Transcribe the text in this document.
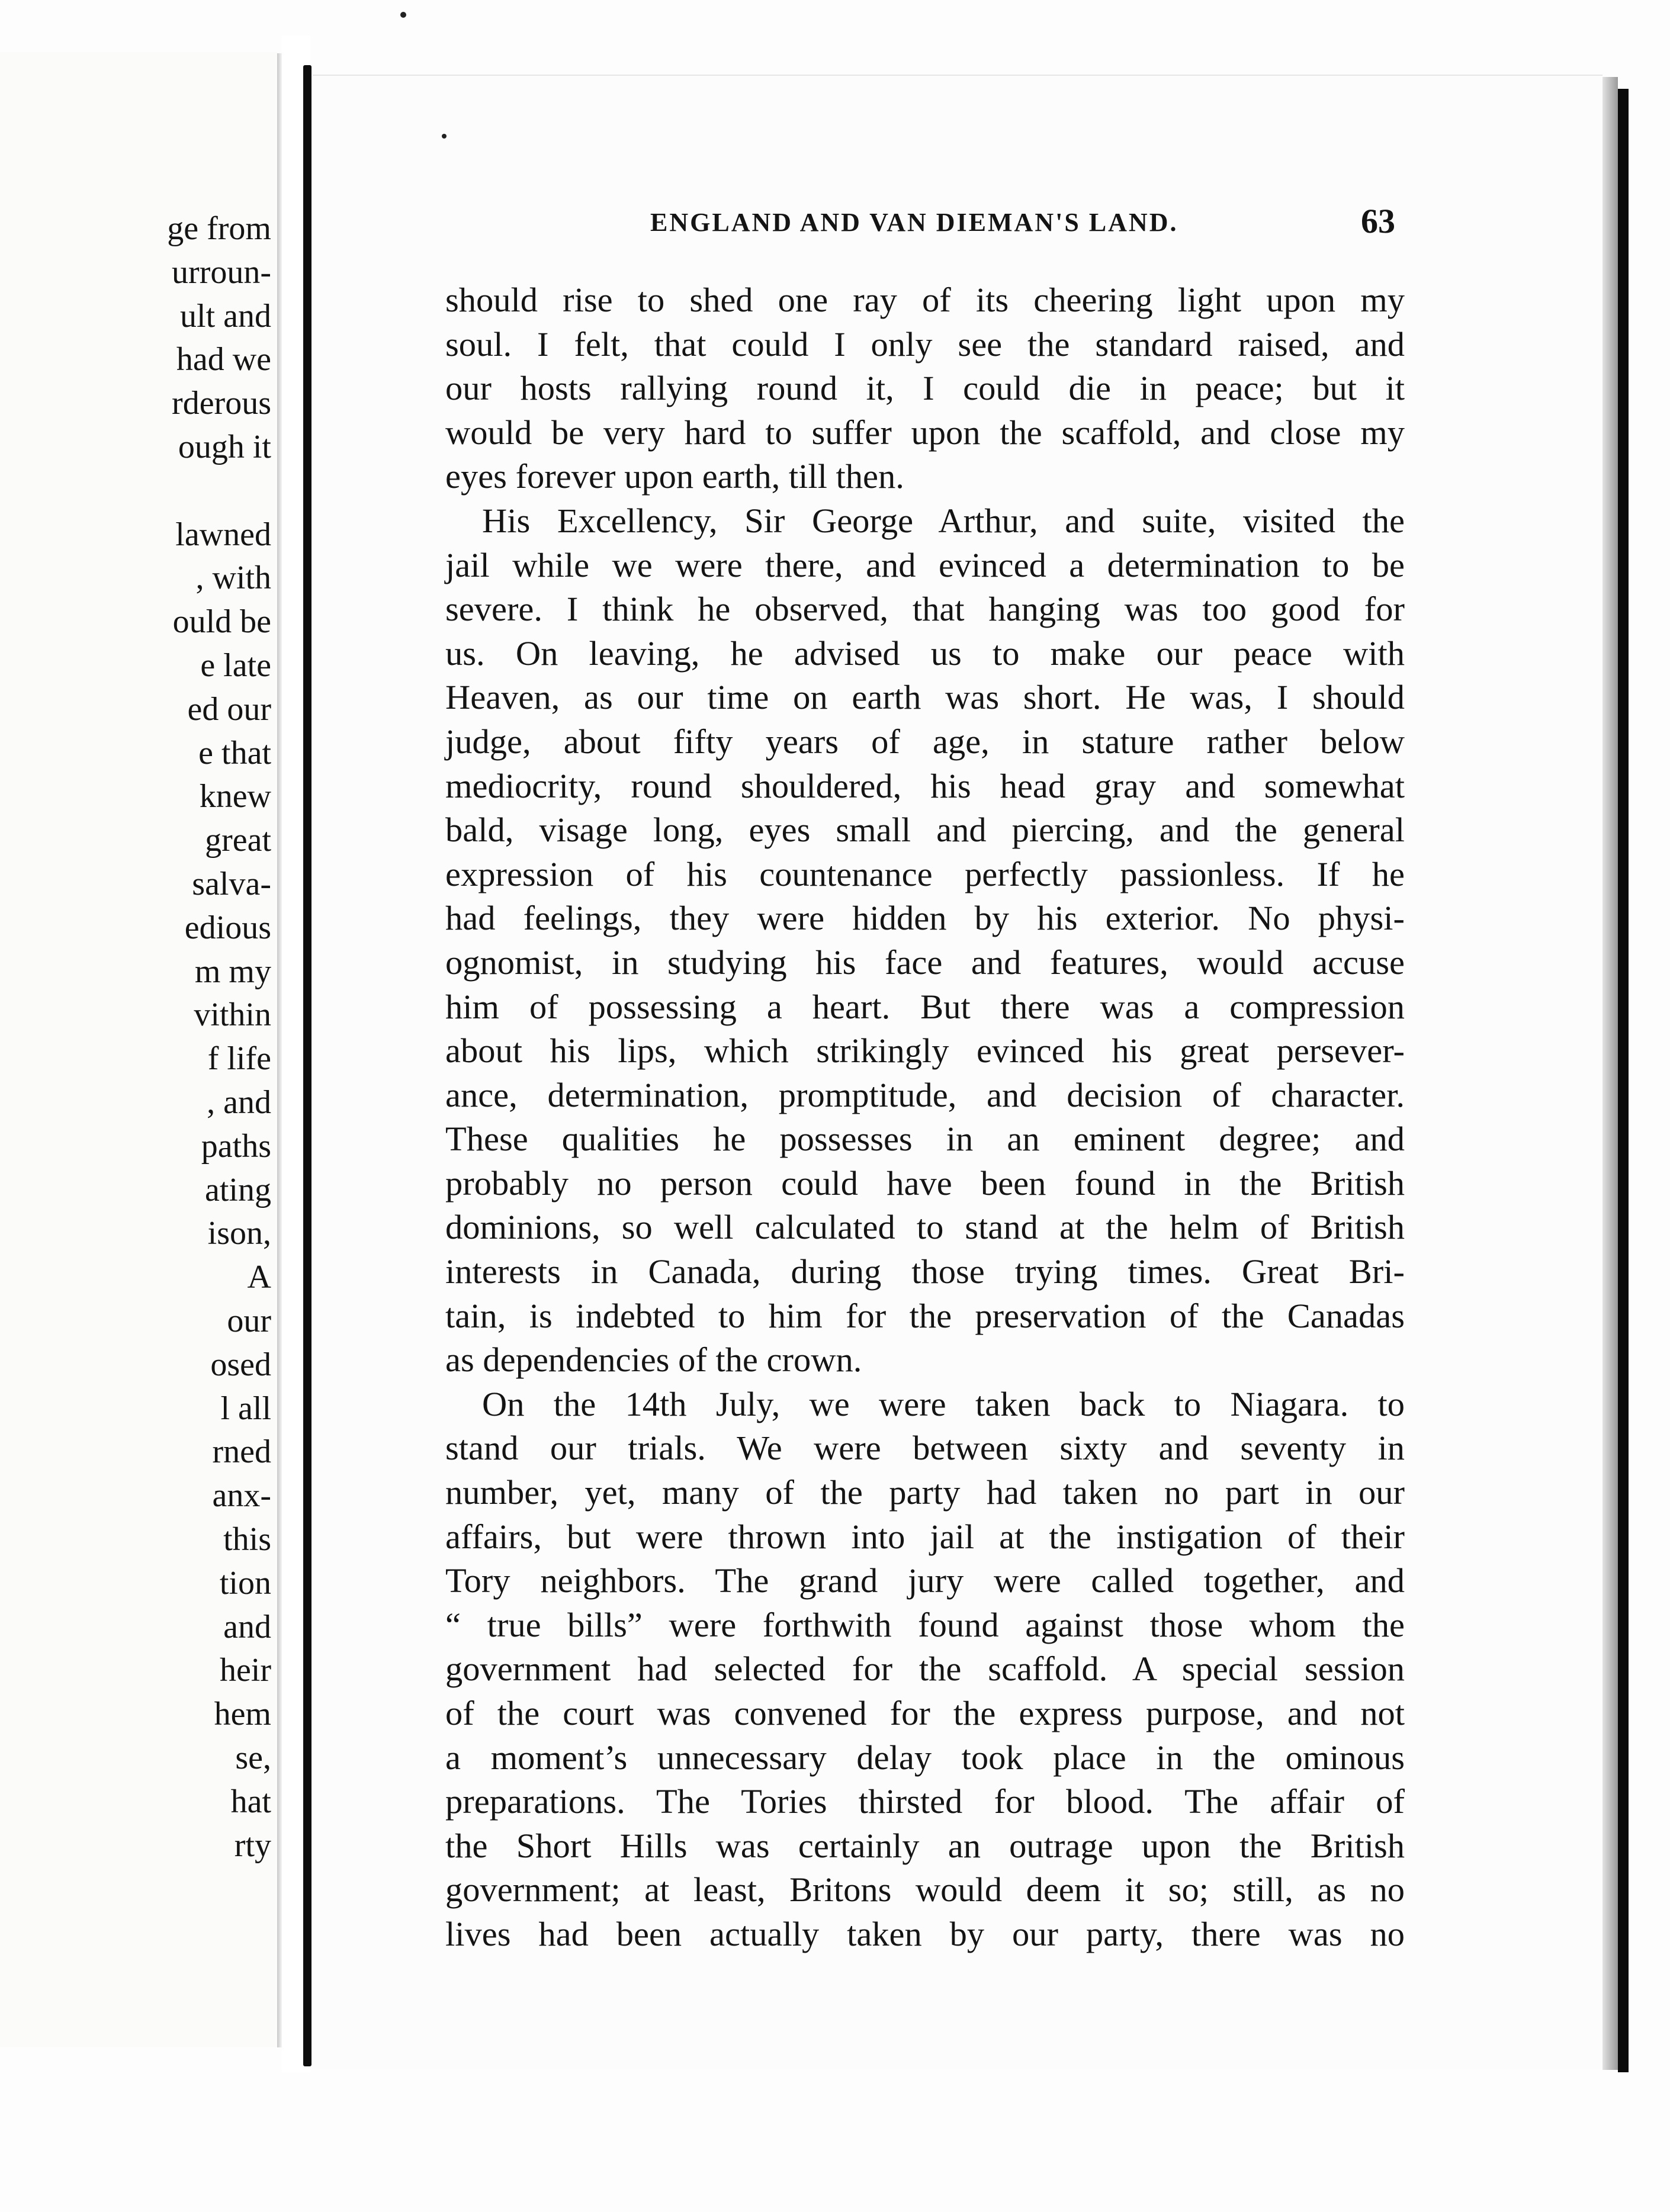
ge from
urroun-
ult and
had we
rderous
ough it
lawned
, with
ould be
e late
ed our
e that
knew
great
salva-
edious
m my
vithin
f life
, and
paths
ating
ison,
A
our
osed
l all
rned
anx-
this
tion
and
heir
hem
se,
hat
rty
ENGLAND AND VAN DIEMAN'S LAND.	63
should rise to shed one ray of its cheering light upon my
soul. I felt, that could I only see the standard raised, and
our hosts rallying round it, I could die in peace; but it
would be very hard to suffer upon the scaffold, and close my
eyes forever upon earth, till then.
His Excellency, Sir George Arthur, and suite, visited the
jail while we were there, and evinced a determination to be
severe. I think he observed, that hanging was too good for
us. On leaving, he advised us to make our peace with
Heaven, as our time on earth was short. He was, I should
judge, about fifty years of age, in stature rather below
mediocrity, round shouldered, his head gray and somewhat
bald, visage long, eyes small and piercing, and the general
expression of his countenance perfectly passionless. If he
had feelings, they were hidden by his exterior. No physi-
ognomist, in studying his face and features, would accuse
him of possessing a heart. But there was a compression
about his lips, which strikingly evinced his great persever-
ance, determination, promptitude, and decision of character.
These qualities he possesses in an eminent degree; and
probably no person could have been found in the British
dominions, so well calculated to stand at the helm of British
interests in Canada, during those trying times. Great Bri-
tain, is indebted to him for the preservation of the Canadas
as dependencies of the crown.
On the 14th July, we were taken back to Niagara. to
stand our trials. We were between sixty and seventy in
number, yet, many of the party had taken no part in our
affairs, but were thrown into jail at the instigation of their
Tory neighbors. The grand jury were called together, and
“ true bills” were forthwith found against those whom the
government had selected for the scaffold. A special session
of the court was convened for the express purpose, and not
a moment’s unnecessary delay took place in the ominous
preparations. The Tories thirsted for blood. The affair of
the Short Hills was certainly an outrage upon the British
government; at least, Britons would deem it so; still, as no
lives had been actually taken by our party, there was no
